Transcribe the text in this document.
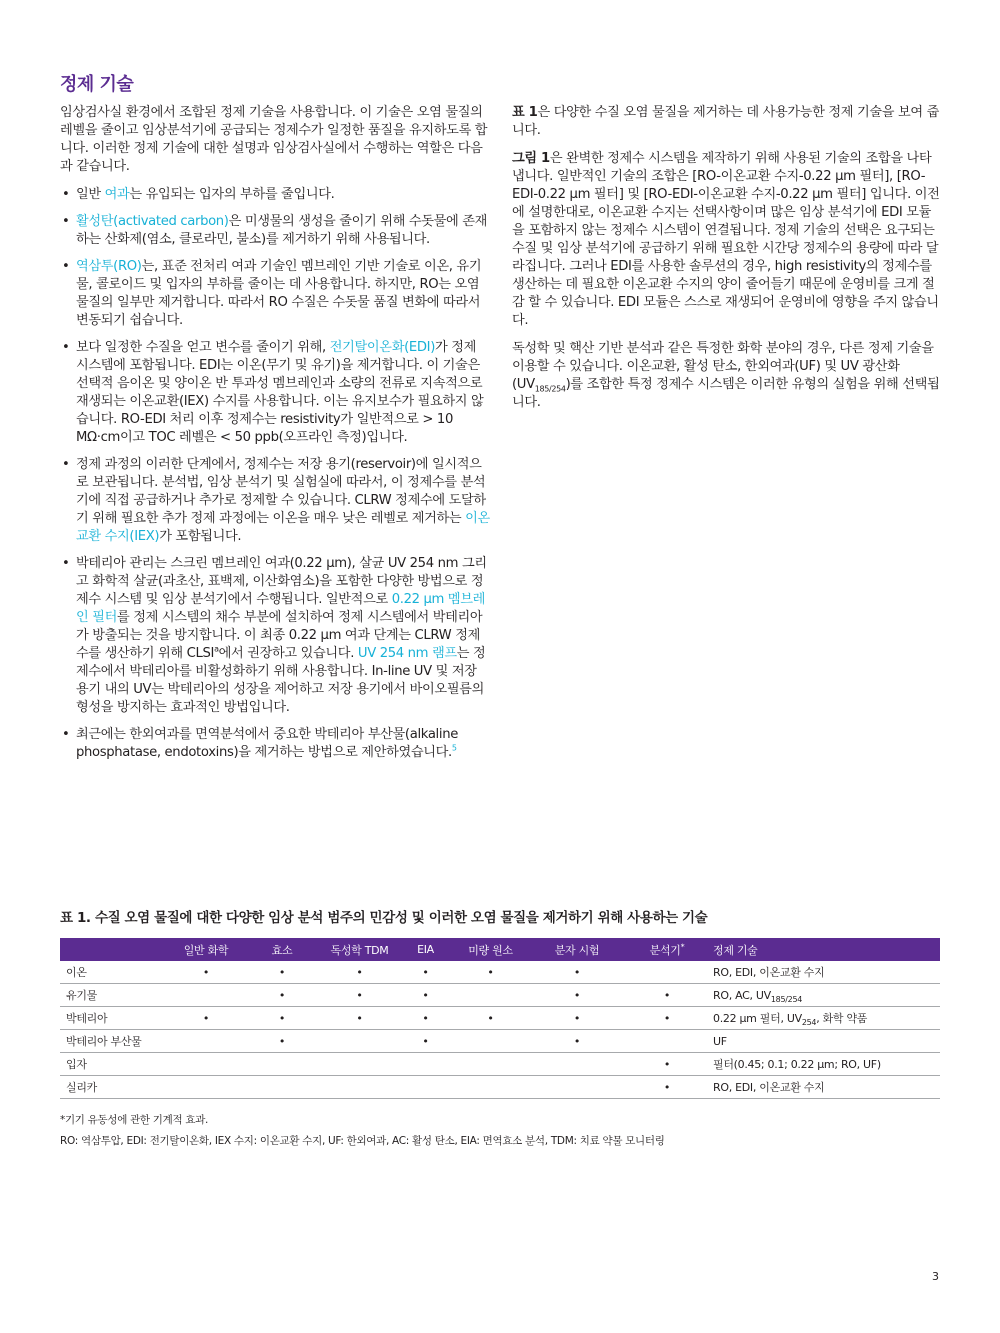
정제 기술

임상검사실 환경에서 조합된 정제 기술을 사용합니다. 이 기술은 오염 물질의 레벨을 줄이고 임상분석기에 공급되는 정제수가 일정한 품질을 유지하도록 합니다. 이러한 정제 기술에 대한 설명과 임상검사실에서 수행하는 역할은 다음과 같습니다.

• 일반 여과는 유입되는 입자의 부하를 줄입니다.
• 활성탄(activated carbon)은 미생물의 생성을 줄이기 위해 수돗물에 존재하는 산화제(염소, 클로라민, 불소)를 제거하기 위해 사용됩니다.
• 역삼투(RO)는, 표준 전처리 여과 기술인 멤브레인 기반 기술로 이온, 유기물, 콜로이드 및 입자의 부하를 줄이는 데 사용합니다. 하지만, RO는 오염 물질의 일부만 제거합니다. 따라서 RO 수질은 수돗물 품질 변화에 따라서 변동되기 쉽습니다.
• 보다 일정한 수질을 얻고 변수를 줄이기 위해, 전기탈이온화(EDI)가 정제 시스템에 포함됩니다. EDI는 이온(무기 및 유기)을 제거합니다. 이 기술은 선택적 음이온 및 양이온 반 투과성 멤브레인과 소량의 전류로 지속적으로 재생되는 이온교환(IEX) 수지를 사용합니다. 이는 유지보수가 필요하지 않습니다. RO-EDI 처리 이후 정제수는 resistivity가 일반적으로 > 10 MΩ·cm이고 TOC 레벨은 < 50 ppb(오프라인 측정)입니다.
• 정제 과정의 이러한 단계에서, 정제수는 저장 용기(reservoir)에 일시적으로 보관됩니다. 분석법, 임상 분석기 및 실험실에 따라서, 이 정제수를 분석기에 직접 공급하거나 추가로 정제할 수 있습니다. CLRW 정제수에 도달하기 위해 필요한 추가 정제 과정에는 이온을 매우 낮은 레벨로 제거하는 이온교환 수지(IEX)가 포함됩니다.
• 박테리아 관리는 스크린 멤브레인 여과(0.22 µm), 살균 UV 254 nm 그리고 화학적 살균(과초산, 표백제, 이산화염소)을 포함한 다양한 방법으로 정제수 시스템 및 임상 분석기에서 수행됩니다. 일반적으로 0.22 µm 멤브레인 필터를 정제 시스템의 채수 부분에 설치하여 정제 시스템에서 박테리아가 방출되는 것을 방지합니다. 이 최종 0.22 µm 여과 단계는 CLRW 정제수를 생산하기 위해 CLSI$^a$에서 권장하고 있습니다. UV 254 nm 램프는 정제수에서 박테리아를 비활성화하기 위해 사용합니다. In-line UV 및 저장 용기 내의 UV는 박테리아의 성장을 제어하고 저장 용기에서 바이오필름의 형성을 방지하는 효과적인 방법입니다.
• 최근에는 한외여과를 면역분석에서 중요한 박테리아 부산물(alkaline phosphatase, endotoxins)을 제거하는 방법으로 제안하였습니다.$^5$

표 1은 다양한 수질 오염 물질을 제거하는 데 사용가능한 정제 기술을 보여 줍니다.

그림 1은 완벽한 정제수 시스템을 제작하기 위해 사용된 기술의 조합을 나타냅니다. 일반적인 기술의 조합은 [RO-이온교환 수지-0.22 µm 필터], [RO-EDI-0.22 µm 필터] 및 [RO-EDI-이온교환 수지-0.22 µm 필터] 입니다. 이전에 설명한대로, 이온교환 수지는 선택사항이며 많은 임상 분석기에 EDI 모듈을 포함하지 않는 정제수 시스템이 연결됩니다. 정제 기술의 선택은 요구되는 수질 및 임상 분석기에 공급하기 위해 필요한 시간당 정제수의 용량에 따라 달라집니다. 그러나 EDI를 사용한 솔루션의 경우, high resistivity의 정제수를 생산하는 데 필요한 이온교환 수지의 양이 줄어들기 때문에 운영비를 크게 절감 할 수 있습니다. EDI 모듈은 스스로 재생되어 운영비에 영향을 주지 않습니다.

독성학 및 핵산 기반 분석과 같은 특정한 화학 분야의 경우, 다른 정제 기술을 이용할 수 있습니다. 이온교환, 활성 탄소, 한외여과(UF) 및 UV 광산화$(UV_{185/254})$를 조합한 특정 정제수 시스템은 이러한 유형의 실험을 위해 선택됩니다.

표 1. 수질 오염 물질에 대한 다양한 임상 분석 범주의 민감성 및 이러한 오염 물질을 제거하기 위해 사용하는 기술
	일반 화학	효소	독성학 TDM	EIA	미량 원소	분자 시험	분석기*	정제 기술
이온	•	•	•	•	•	•		RO, EDI, 이온교환 수지
유기물		•	•	•		•	•	RO, AC, $UV_{185/254}$
박테리아	•	•	•	•	•	•	•	0.22 µm 필터, $UV_{254}$, 화학 약품
박테리아 부산물		•		•		•		UF
입자							•	필터(0.45; 0.1; 0.22 µm; RO, UF)
실리카							•	RO, EDI, 이온교환 수지
*기기 유동성에 관한 기계적 효과.
RO: 역삼투압, EDI: 전기탈이온화, IEX 수지: 이온교환 수지, UF: 한외여과, AC: 활성 탄소, EIA: 면역효소 분석, TDM: 치료 약물 모니터링
3
